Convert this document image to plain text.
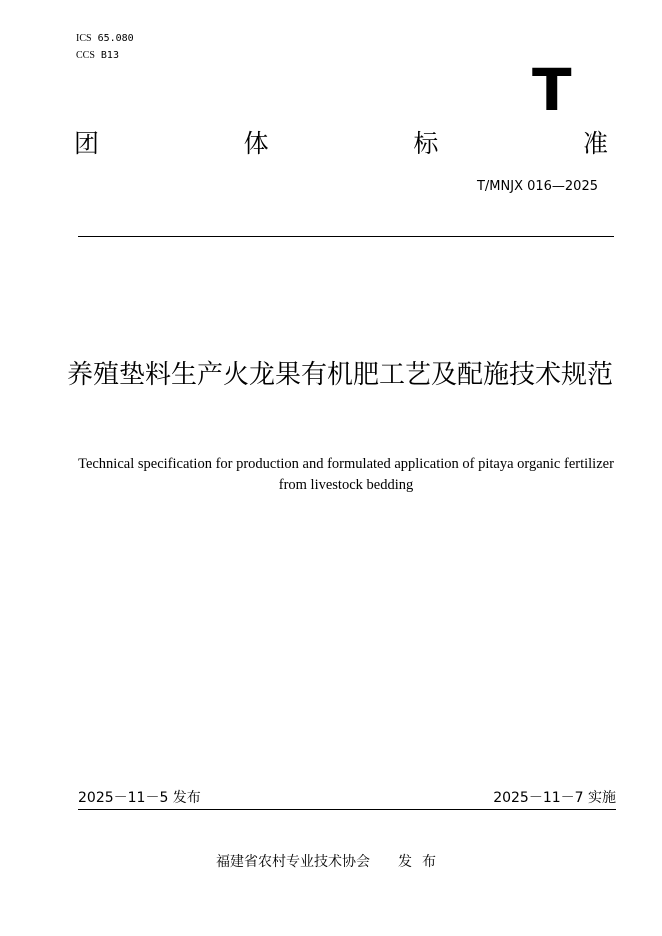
ICS 65.080
CCS B13
T
团	体	标	准
T/MNJX 016—2025
养殖垫料生产火龙果有机肥工艺及配施技术规范
Technical specification for production and formulated application of pitaya organic fertilizer from livestock bedding
2025－11－5 发布	2025－11－7 实施
福建省农村专业技术协会 发布
